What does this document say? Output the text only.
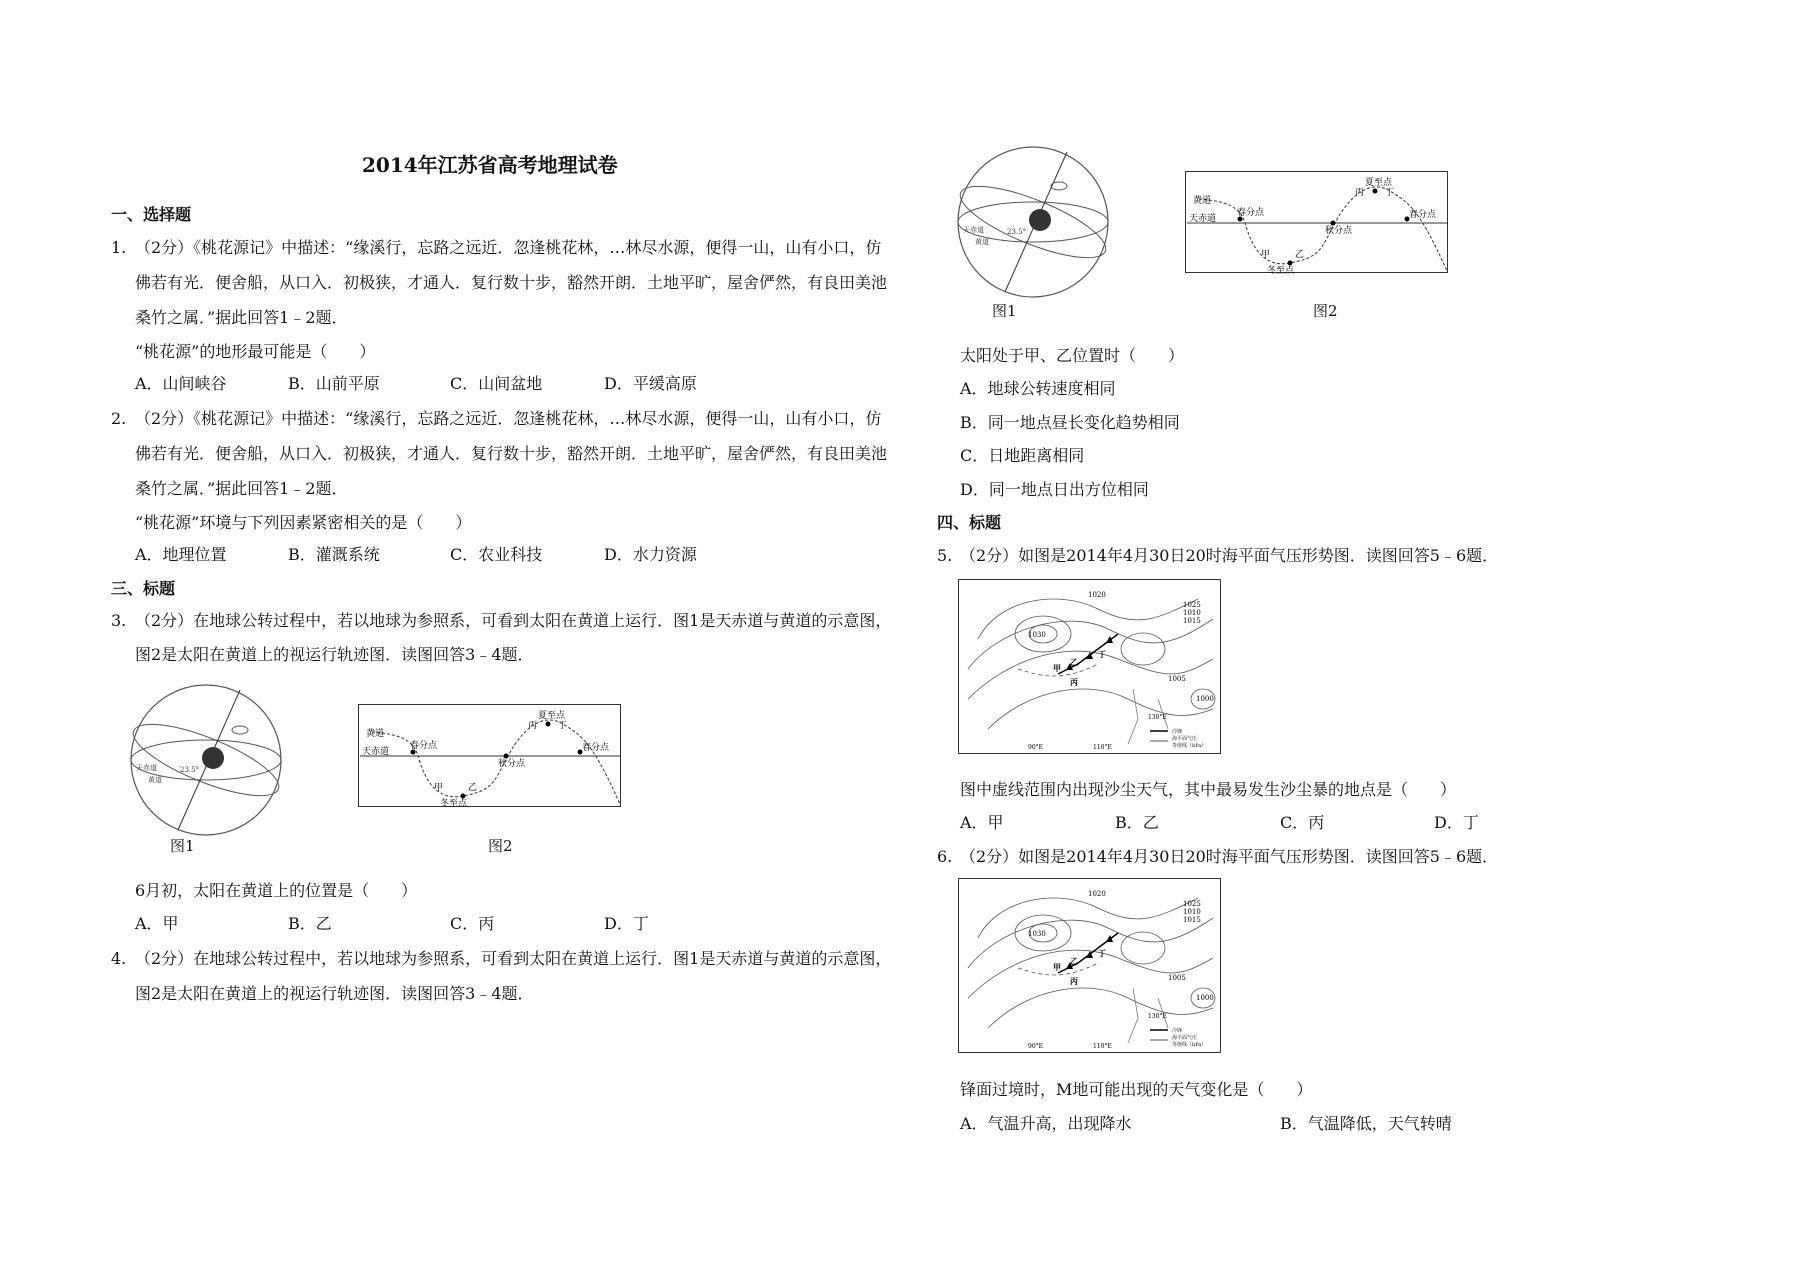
2014年江苏省高考地理试卷
一、选择题
1. （2分）《桃花源记》中描述：“缘溪行，忘路之远近．忽逢桃花林，…林尽水源，便得一山，山有小口，仿
佛若有光．便舍船，从口入．初极狭，才通人．复行数十步，豁然开朗．土地平旷，屋舍俨然，有良田美池
桑竹之属．”据此回答1﹣2题．
“桃花源”的地形最可能是（　　）
A．山间峡谷	B．山前平原	C．山间盆地	D．平缓高原
2. （2分）《桃花源记》中描述：“缘溪行，忘路之远近．忽逢桃花林，…林尽水源，便得一山，山有小口，仿
佛若有光．便舍船，从口入．初极狭，才通人．复行数十步，豁然开朗．土地平旷，屋舍俨然，有良田美池
桑竹之属．”据此回答1﹣2题．
“桃花源”环境与下列因素紧密相关的是（　　）
A．地理位置	B．灌溉系统	C．农业科技	D．水力资源
三、标题
3. （2分）在地球公转过程中，若以地球为参照系，可看到太阳在黄道上运行．图1是天赤道与黄道的示意图，
图2是太阳在黄道上的视运行轨迹图．读图回答3﹣4题．
天赤道
黄道
23.5°
图1
黄道
天赤道
春分点	春分点
秋分点
夏至点
冬至点
甲	乙
丙 丁
图2
6月初，太阳在黄道上的位置是（　　）
A．甲	B．乙	C．丙	D．丁
4. （2分）在地球公转过程中，若以地球为参照系，可看到太阳在黄道上运行．图1是天赤道与黄道的示意图，
图2是太阳在黄道上的视运行轨迹图．读图回答3﹣4题．
天赤道
黄道
23.5°
图1
黄道
天赤道
春分点	春分点
秋分点
夏至点
冬至点
甲	乙
丙 丁
图2
太阳处于甲、乙位置时（　　）
A．地球公转速度相同
B．同一地点昼长变化趋势相同
C．日地距离相同
D．同一地点日出方位相同
四、标题
5. （2分）如图是2014年4月30日20时海平面气压形势图．读图回答5﹣6题．
1020
1025
1030
1010
1015
1000
1005
甲
乙
丙
丁
90°E	110°E
130°E
冷锋
海平面气压
等值线（hPa）
图中虚线范围内出现沙尘天气，其中最易发生沙尘暴的地点是（　　）
A．甲	B．乙	C．丙	D．丁
6. （2分）如图是2014年4月30日20时海平面气压形势图．读图回答5﹣6题．
1020
1025
1030
1010
1015
1000
1005
甲
乙
丙
丁
90°E	110°E
130°E
冷锋
海平面气压
等值线（hPa）
锋面过境时，M地可能出现的天气变化是（　　）
A．气温升高，出现降水	B．气温降低，天气转晴
